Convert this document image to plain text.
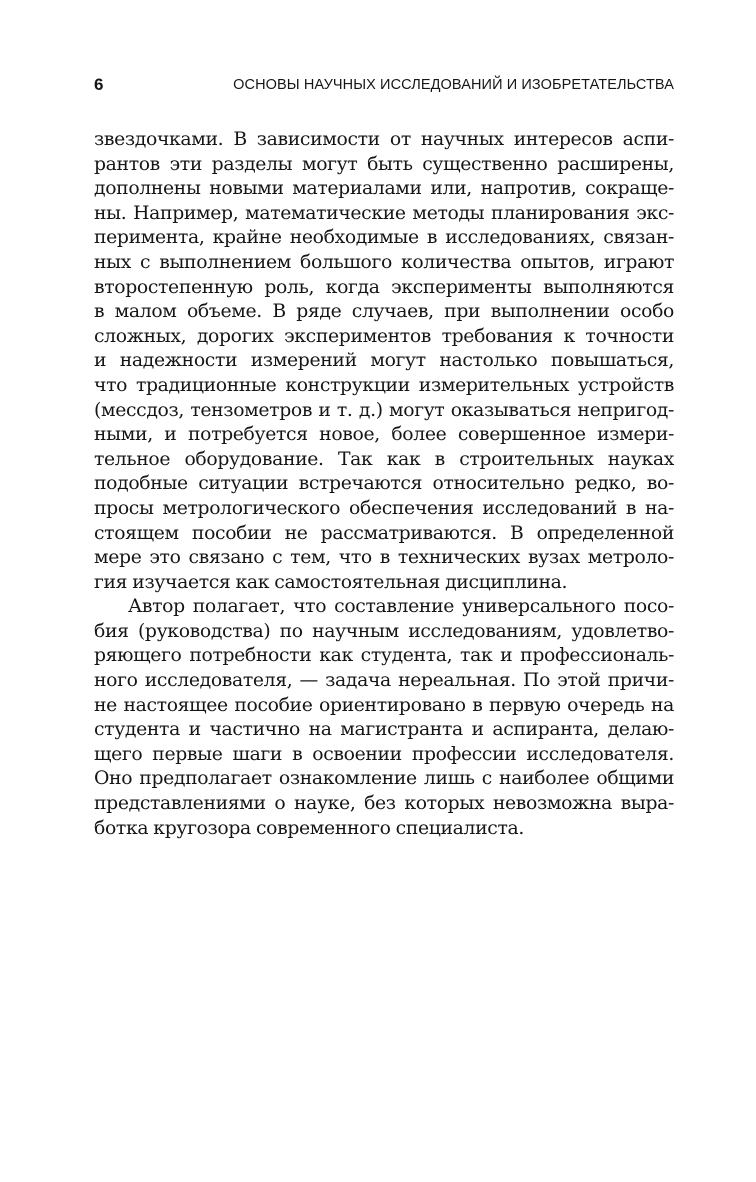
6	ОСНОВЫ НАУЧНЫХ ИССЛЕДОВАНИЙ И ИЗОБРЕТАТЕЛЬСТВА
звездочками. В зависимости от научных интересов аспи-
рантов эти разделы могут быть существенно расширены,
дополнены новыми материалами или, напротив, сокраще-
ны. Например, математические методы планирования экс-
перимента, крайне необходимые в исследованиях, связан-
ных с выполнением большого количества опытов, играют
второстепенную роль, когда эксперименты выполняются
в малом объеме. В ряде случаев, при выполнении особо
сложных, дорогих экспериментов требования к точности
и надежности измерений могут настолько повышаться,
что традиционные конструкции измерительных устройств
(мессдоз, тензометров и т. д.) могут оказываться непригод-
ными, и потребуется новое, более совершенное измери-
тельное оборудование. Так как в строительных науках
подобные ситуации встречаются относительно редко, во-
просы метрологического обеспечения исследований в на-
стоящем пособии не рассматриваются. В определенной
мере это связано с тем, что в технических вузах метроло-
гия изучается как самостоятельная дисциплина.
Автор полагает, что составление универсального посо-
бия (руководства) по научным исследованиям, удовлетво-
ряющего потребности как студента, так и профессиональ-
ного исследователя, — задача нереальная. По этой причи-
не настоящее пособие ориентировано в первую очередь на
студента и частично на магистранта и аспиранта, делаю-
щего первые шаги в освоении профессии исследователя.
Оно предполагает ознакомление лишь с наиболее общими
представлениями о науке, без которых невозможна выра-
ботка кругозора современного специалиста.
